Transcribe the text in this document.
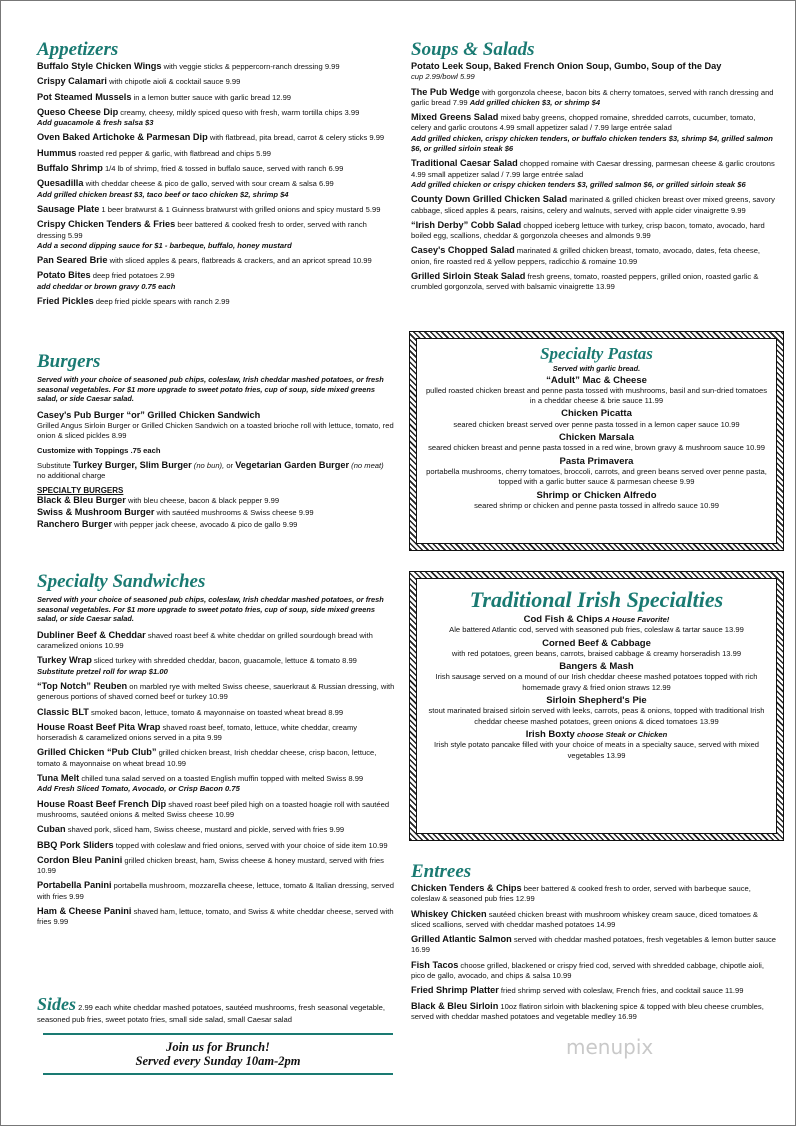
Appetizers
Buffalo Style Chicken Wings with veggie sticks & peppercorn-ranch dressing 9.99
Crispy Calamari with chipotle aioli & cocktail sauce 9.99
Pot Steamed Mussels in a lemon butter sauce with garlic bread 12.99
Queso Cheese Dip creamy, cheesy, mildly spiced queso with fresh, warm tortilla chips 3.99
Add guacamole & fresh salsa $3
Oven Baked Artichoke & Parmesan Dip with flatbread, pita bread, carrot & celery sticks 9.99
Hummus roasted red pepper & garlic, with flatbread and chips 5.99
Buffalo Shrimp 1/4 lb of shrimp, fried & tossed in buffalo sauce, served with ranch 6.99
Quesadilla with cheddar cheese & pico de gallo, served with sour cream & salsa 6.99
Add grilled chicken breast $3, taco beef or taco chicken $2, shrimp $4
Sausage Plate 1 beer bratwurst & 1 Guinness bratwurst with grilled onions and spicy mustard 5.99
Crispy Chicken Tenders & Fries beer battered & cooked fresh to order, served with ranch dressing 5.99
Add a second dipping sauce for $1 - barbeque, buffalo, honey mustard
Pan Seared Brie with sliced apples & pears, flatbreads & crackers, and an apricot spread 10.99
Potato Bites deep fried potatoes 2.99
add cheddar or brown gravy 0.75 each
Fried Pickles deep fried pickle spears with ranch 2.99
Burgers
Served with your choice of seasoned pub chips, coleslaw, Irish cheddar mashed potatoes, or fresh seasonal vegetables. For $1 more upgrade to sweet potato fries, cup of soup, side mixed greens salad, or side Caesar salad.
Casey's Pub Burger “or” Grilled Chicken Sandwich
Grilled Angus Sirloin Burger or Grilled Chicken Sandwich on a toasted brioche roll with lettuce, tomato, red onion & sliced pickles 8.99
Customize with Toppings .75 each
Substitute Turkey Burger, Slim Burger (no bun), or Vegetarian Garden Burger (no meat)
no additional charge
SPECIALTY BURGERS
Black & Bleu Burger with bleu cheese, bacon & black pepper 9.99
Swiss & Mushroom Burger with sautéed mushrooms & Swiss cheese 9.99
Ranchero Burger with pepper jack cheese, avocado & pico de gallo 9.99
Specialty Sandwiches
Served with your choice of seasoned pub chips, coleslaw, Irish cheddar mashed potatoes, or fresh seasonal vegetables. For $1 more upgrade to sweet potato fries, cup of soup, side mixed greens salad, or side Caesar salad.
Dubliner Beef & Cheddar shaved roast beef & white cheddar on grilled sourdough bread with caramelized onions 10.99
Turkey Wrap sliced turkey with shredded cheddar, bacon, guacamole, lettuce & tomato 8.99
Substitute pretzel roll for wrap $1.00
“Top Notch” Reuben on marbled rye with melted Swiss cheese, sauerkraut & Russian dressing, with generous portions of shaved corned beef or turkey 10.99
Classic BLT smoked bacon, lettuce, tomato & mayonnaise on toasted wheat bread 8.99
House Roast Beef Pita Wrap shaved roast beef, tomato, lettuce, white cheddar, creamy horseradish & caramelized onions served in a pita 9.99
Grilled Chicken “Pub Club” grilled chicken breast, Irish cheddar cheese, crisp bacon, lettuce, tomato & mayonnaise on wheat bread 10.99
Tuna Melt chilled tuna salad served on a toasted English muffin topped with melted Swiss 8.99
Add Fresh Sliced Tomato, Avocado, or Crisp Bacon 0.75
House Roast Beef French Dip shaved roast beef piled high on a toasted hoagie roll with sautéed mushrooms, sautéed onions & melted Swiss cheese 10.99
Cuban shaved pork, sliced ham, Swiss cheese, mustard and pickle, served with fries 9.99
BBQ Pork Sliders topped with coleslaw and fried onions, served with your choice of side item 10.99
Cordon Bleu Panini grilled chicken breast, ham, Swiss cheese & honey mustard, served with fries 10.99
Portabella Panini portabella mushroom, mozzarella cheese, lettuce, tomato & Italian dressing, served with fries 9.99
Ham & Cheese Panini shaved ham, lettuce, tomato, and Swiss & white cheddar cheese, served with fries 9.99
Sides 2.99 each white cheddar mashed potatoes, sautéed mushrooms, fresh seasonal vegetable, seasoned pub fries, sweet potato fries, small side salad, small Caesar salad
Join us for Brunch!
Served every Sunday 10am-2pm
Soups & Salads
Potato Leek Soup, Baked French Onion Soup, Gumbo, Soup of the Day
cup 2.99/bowl 5.99
The Pub Wedge with gorgonzola cheese, bacon bits & cherry tomatoes, served with ranch dressing and garlic bread 7.99 Add grilled chicken $3, or shrimp $4
Mixed Greens Salad mixed baby greens, chopped romaine, shredded carrots, cucumber, tomato, celery and garlic croutons 4.99 small appetizer salad / 7.99 large entrée salad
Add grilled chicken, crispy chicken tenders, or buffalo chicken tenders $3, shrimp $4, grilled salmon $6, or grilled sirloin steak $6
Traditional Caesar Salad chopped romaine with Caesar dressing, parmesan cheese & garlic croutons 4.99 small appetizer salad / 7.99 large entrée salad
Add grilled chicken or crispy chicken tenders $3, grilled salmon $6, or grilled sirloin steak $6
County Down Grilled Chicken Salad marinated & grilled chicken breast over mixed greens, savory cabbage, sliced apples & pears, raisins, celery and walnuts, served with apple cider vinaigrette 9.99
“Irish Derby” Cobb Salad chopped iceberg lettuce with turkey, crisp bacon, tomato, avocado, hard boiled egg, scallions, cheddar & gorgonzola cheeses and almonds 9.99
Casey's Chopped Salad marinated & grilled chicken breast, tomato, avocado, dates, feta cheese, onion, fire roasted red & yellow peppers, radicchio & romaine 10.99
Grilled Sirloin Steak Salad fresh greens, tomato, roasted peppers, grilled onion, roasted garlic & crumbled gorgonzola, served with balsamic vinaigrette 13.99
Specialty Pastas
Served with garlic bread.
“Adult” Mac & Cheese
pulled roasted chicken breast and penne pasta tossed with mushrooms, basil and sun-dried tomatoes in a cheddar cheese & brie sauce 11.99
Chicken Picatta
seared chicken breast served over penne pasta tossed in a lemon caper sauce 10.99
Chicken Marsala
seared chicken breast and penne pasta tossed in a red wine, brown gravy & mushroom sauce 10.99
Pasta Primavera
portabella mushrooms, cherry tomatoes, broccoli, carrots, and green beans served over penne pasta, topped with a garlic butter sauce & parmesan cheese 9.99
Shrimp or Chicken Alfredo
seared shrimp or chicken and penne pasta tossed in alfredo sauce 10.99
Traditional Irish Specialties
Cod Fish & Chips A House Favorite!
Ale battered Atlantic cod, served with seasoned pub fries, coleslaw & tartar sauce 13.99
Corned Beef & Cabbage
with red potatoes, green beans, carrots, braised cabbage & creamy horseradish 13.99
Bangers & Mash
Irish sausage served on a mound of our Irish cheddar cheese mashed potatoes topped with rich homemade gravy & fried onion straws 12.99
Sirloin Shepherd's Pie
stout marinated braised sirloin served with leeks, carrots, peas & onions, topped with traditional Irish cheddar cheese mashed potatoes, green onions & diced tomatoes 13.99
Irish Boxty choose Steak or Chicken
Irish style potato pancake filled with your choice of meats in a specialty sauce, served with mixed vegetables 13.99
Entrees
Chicken Tenders & Chips beer battered & cooked fresh to order, served with barbeque sauce, coleslaw & seasoned pub fries 12.99
Whiskey Chicken sautéed chicken breast with mushroom whiskey cream sauce, diced tomatoes & sliced scallions, served with cheddar mashed potatoes 14.99
Grilled Atlantic Salmon served with cheddar mashed potatoes, fresh vegetables & lemon butter sauce 16.99
Fish Tacos choose grilled, blackened or crispy fried cod, served with shredded cabbage, chipotle aioli, pico de gallo, avocado, and chips & salsa 10.99
Fried Shrimp Platter fried shrimp served with coleslaw, French fries, and cocktail sauce 11.99
Black & Bleu Sirloin 10oz flatiron sirloin with blackening spice & topped with bleu cheese crumbles, served with cheddar mashed potatoes and vegetable medley 16.99
menupix
